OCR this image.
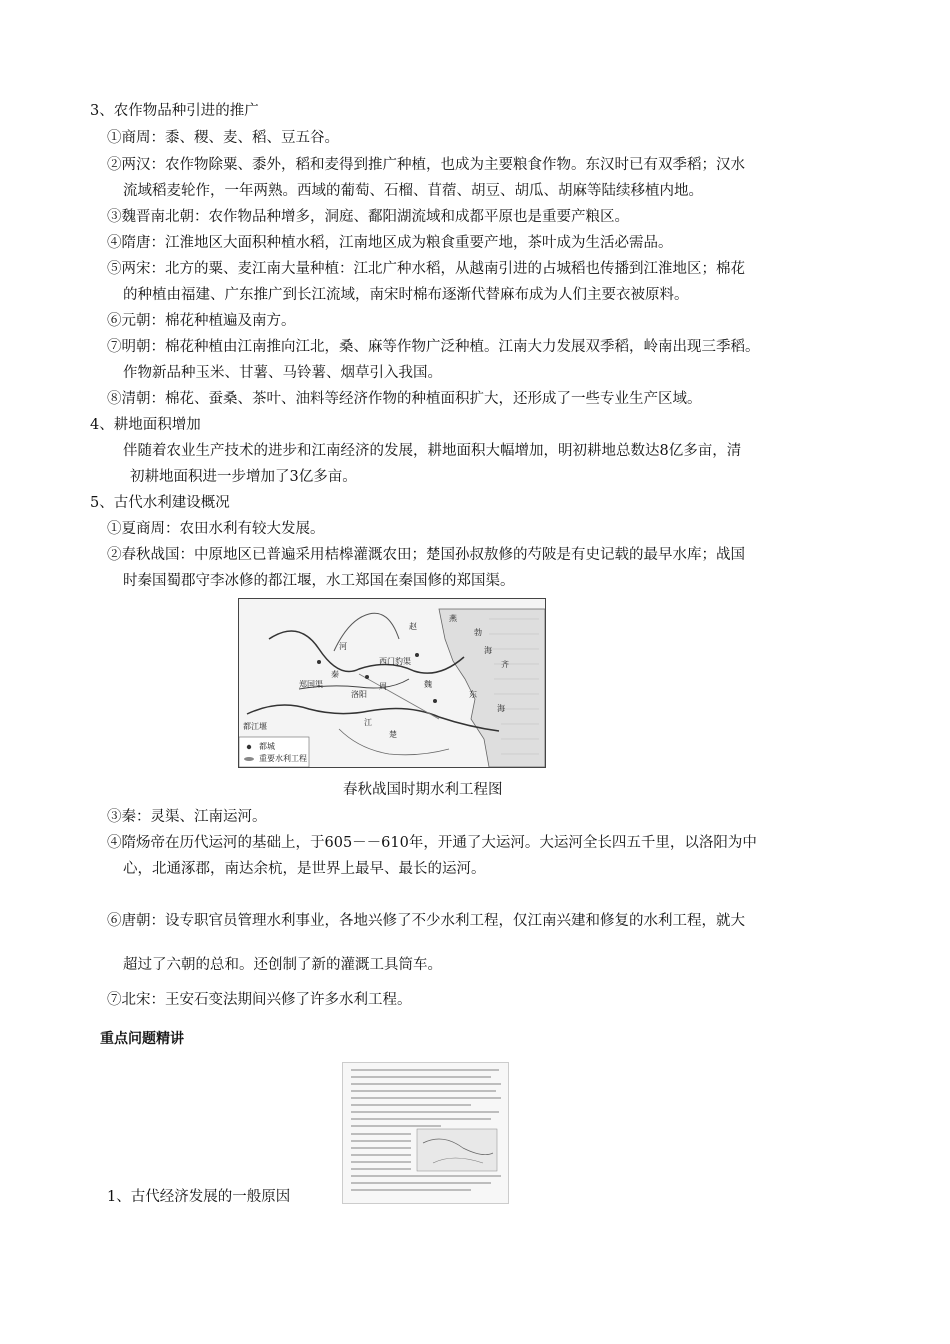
3、农作物品种引进的推广
①商周：黍、稷、麦、稻、豆五谷。
②两汉：农作物除粟、黍外，稻和麦得到推广种植，也成为主要粮食作物。东汉时已有双季稻；汉水
流域稻麦轮作，一年两熟。西域的葡萄、石榴、苜蓿、胡豆、胡瓜、胡麻等陆续移植内地。
③魏晋南北朝：农作物品种增多，洞庭、鄱阳湖流域和成都平原也是重要产粮区。
④隋唐：江淮地区大面积种植水稻，江南地区成为粮食重要产地，茶叶成为生活必需品。
⑤两宋：北方的粟、麦江南大量种植：江北广种水稻，从越南引进的占城稻也传播到江淮地区；棉花
的种植由福建、广东推广到长江流域，南宋时棉布逐渐代替麻布成为人们主要衣被原料。
⑥元朝：棉花种植遍及南方。
⑦明朝：棉花种植由江南推向江北，桑、麻等作物广泛种植。江南大力发展双季稻，岭南出现三季稻。
作物新品种玉米、甘薯、马铃薯、烟草引入我国。
⑧清朝：棉花、蚕桑、茶叶、油料等经济作物的种植面积扩大，还形成了一些专业生产区域。
4、耕地面积增加
伴随着农业生产技术的进步和江南经济的发展，耕地面积大幅增加，明初耕地总数达8亿多亩，清
初耕地面积进一步增加了3亿多亩。
5、古代水利建设概况
①夏商周：农田水利有较大发展。
②春秋战国：中原地区已普遍采用桔槔灌溉农田；楚国孙叔敖修的芍陂是有史记载的最早水库；战国
时秦国蜀郡守李冰修的都江堰，水工郑国在秦国修的郑国渠。
燕
赵
勃
海
齐
魏
秦
周
楚
郑国渠
都江堰
洛阳
西门豹渠
江
河
东
海
都城
重要水利工程
春秋战国时期水利工程图
③秦：灵渠、江南运河。
④隋炀帝在历代运河的基础上，于605－－610年，开通了大运河。大运河全长四五千里，以洛阳为中
心，北通涿郡，南达余杭，是世界上最早、最长的运河。
⑥唐朝：设专职官员管理水利事业，各地兴修了不少水利工程，仅江南兴建和修复的水利工程，就大
超过了六朝的总和。还创制了新的灌溉工具筒车。
⑦北宋：王安石变法期间兴修了许多水利工程。
重点问题精讲
1、古代经济发展的一般原因
